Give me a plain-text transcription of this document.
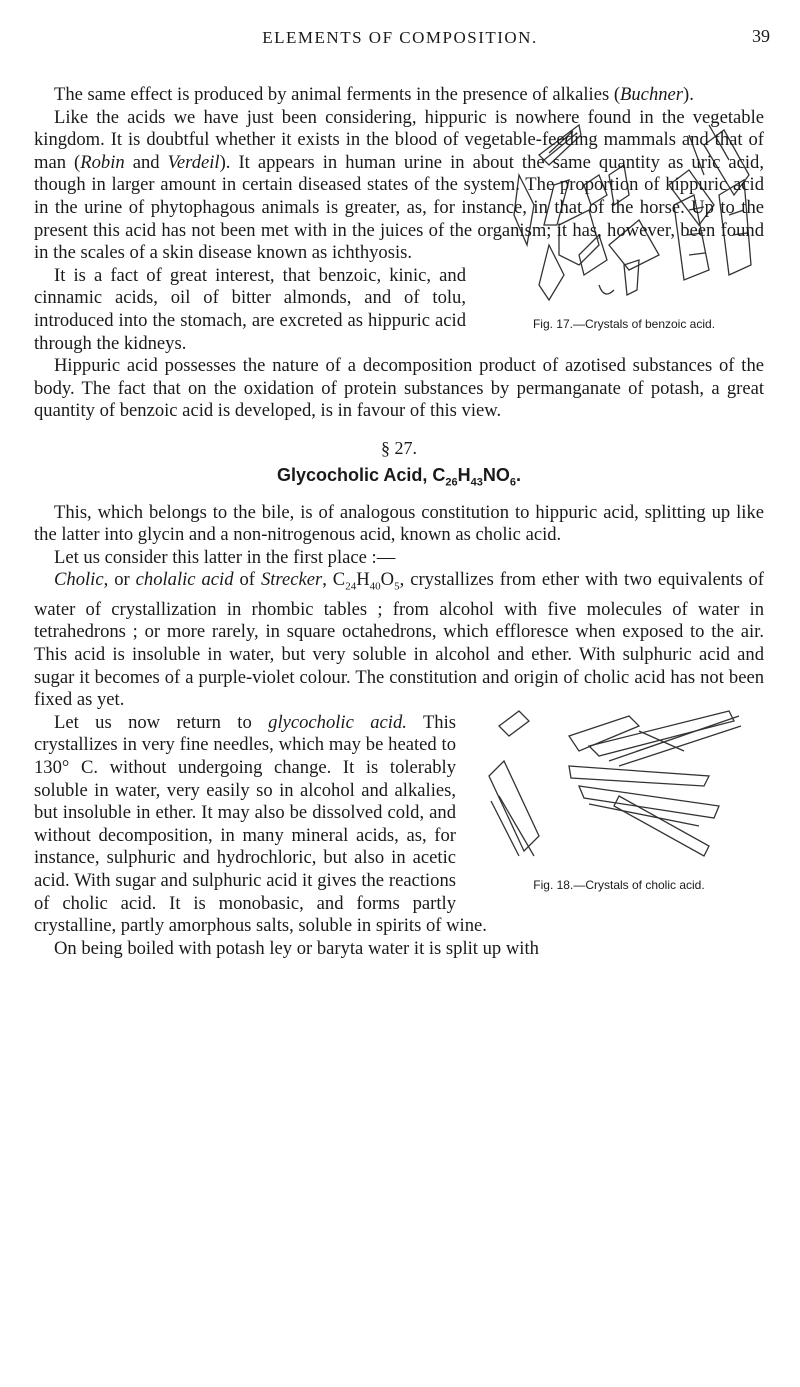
ELEMENTS OF COMPOSITION.	39

The same effect is produced by animal ferments in the presence of alkalies (Buchner).

Like the acids we have just been considering, hippuric is nowhere found in the vegetable kingdom. It is doubtful whether it exists in the blood of vegetable-feeding mammals and that of man (Robin and Verdeil). It appears in human urine in about the same quantity as uric acid, though in larger amount in certain diseased states of the system. The proportion of hippuric acid in the urine of phytophagous animals is greater, as, for instance, in that of the horse. Up to the present this acid has not been met with in the juices of the organism; it has, however, been found in the scales of a skin disease known as ichthyosis.

Fig. 17.—Crystals of benzoic acid.

It is a fact of great interest, that benzoic, kinic, and cinnamic acids, oil of bitter almonds, and of tolu, introduced into the stomach, are excreted as hippuric acid through the kidneys.

Hippuric acid possesses the nature of a decomposition product of azotised substances of the body. The fact that on the oxidation of protein substances by permanganate of potash, a great quantity of benzoic acid is developed, is in favour of this view.

§ 27.
Glycocholic Acid, $C_{26}H_{43}NO_6$.

This, which belongs to the bile, is of analogous constitution to hippuric acid, splitting up like the latter into glycin and a non-nitrogenous acid, known as cholic acid.

Let us consider this latter in the first place :—

Cholic, or cholalic acid of Strecker, $C_{24}H_{40}O_5$, crystallizes from ether with two equivalents of water of crystallization in rhombic tables ; from alcohol with five molecules of water in tetrahedrons ; or more rarely, in square octahedrons, which effloresce when exposed to the air. This acid is insoluble in water, but very soluble in alcohol and ether. With sulphuric acid and sugar it becomes of a purple-violet colour. The constitution and origin of cholic acid has not been fixed as yet.

Fig. 18.—Crystals of cholic acid.

Let us now return to glycocholic acid. This crystallizes in very fine needles, which may be heated to 130° C. without undergoing change. It is tolerably soluble in water, very easily so in alcohol and alkalies, but insoluble in ether. It may also be dissolved cold, and without decomposition, in many mineral acids, as, for instance, sulphuric and hydrochloric, but also in acetic acid. With sugar and sulphuric acid it gives the reactions of cholic acid. It is monobasic, and forms partly crystalline, partly amorphous salts, soluble in spirits of wine.

On being boiled with potash ley or baryta water it is split up with
